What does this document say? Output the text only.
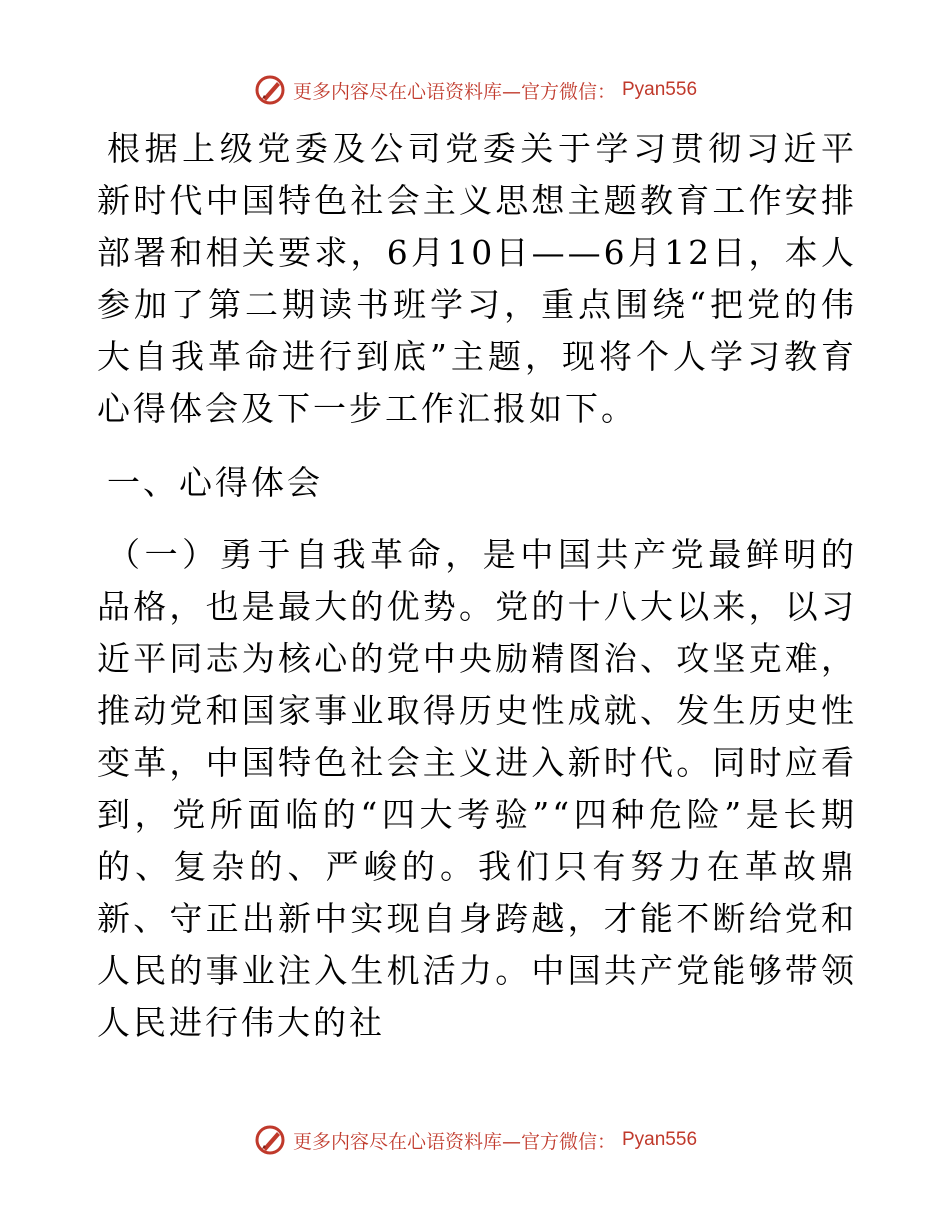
更多内容尽在心语资料库—官方微信： Pyan556

根据上级党委及公司党委关于学习贯彻习近平新时代中国特色社会主义思想主题教育工作安排部署和相关要求，6月10日——6月12日，本人参加了第二期读书班学习，重点围绕“把党的伟大自我革命进行到底”主题，现将个人学习教育心得体会及下一步工作汇报如下。

一、心得体会

（一）勇于自我革命，是中国共产党最鲜明的品格，也是最大的优势。党的十八大以来，以习近平同志为核心的党中央励精图治、攻坚克难，推动党和国家事业取得历史性成就、发生历史性变革，中国特色社会主义进入新时代。同时应看到，党所面临的“四大考验”“四种危险”是长期的、复杂的、严峻的。我们只有努力在革故鼎新、守正出新中实现自身跨越，才能不断给党和人民的事业注入生机活力。中国共产党能够带领人民进行伟大的社

更多内容尽在心语资料库—官方微信： Pyan556
